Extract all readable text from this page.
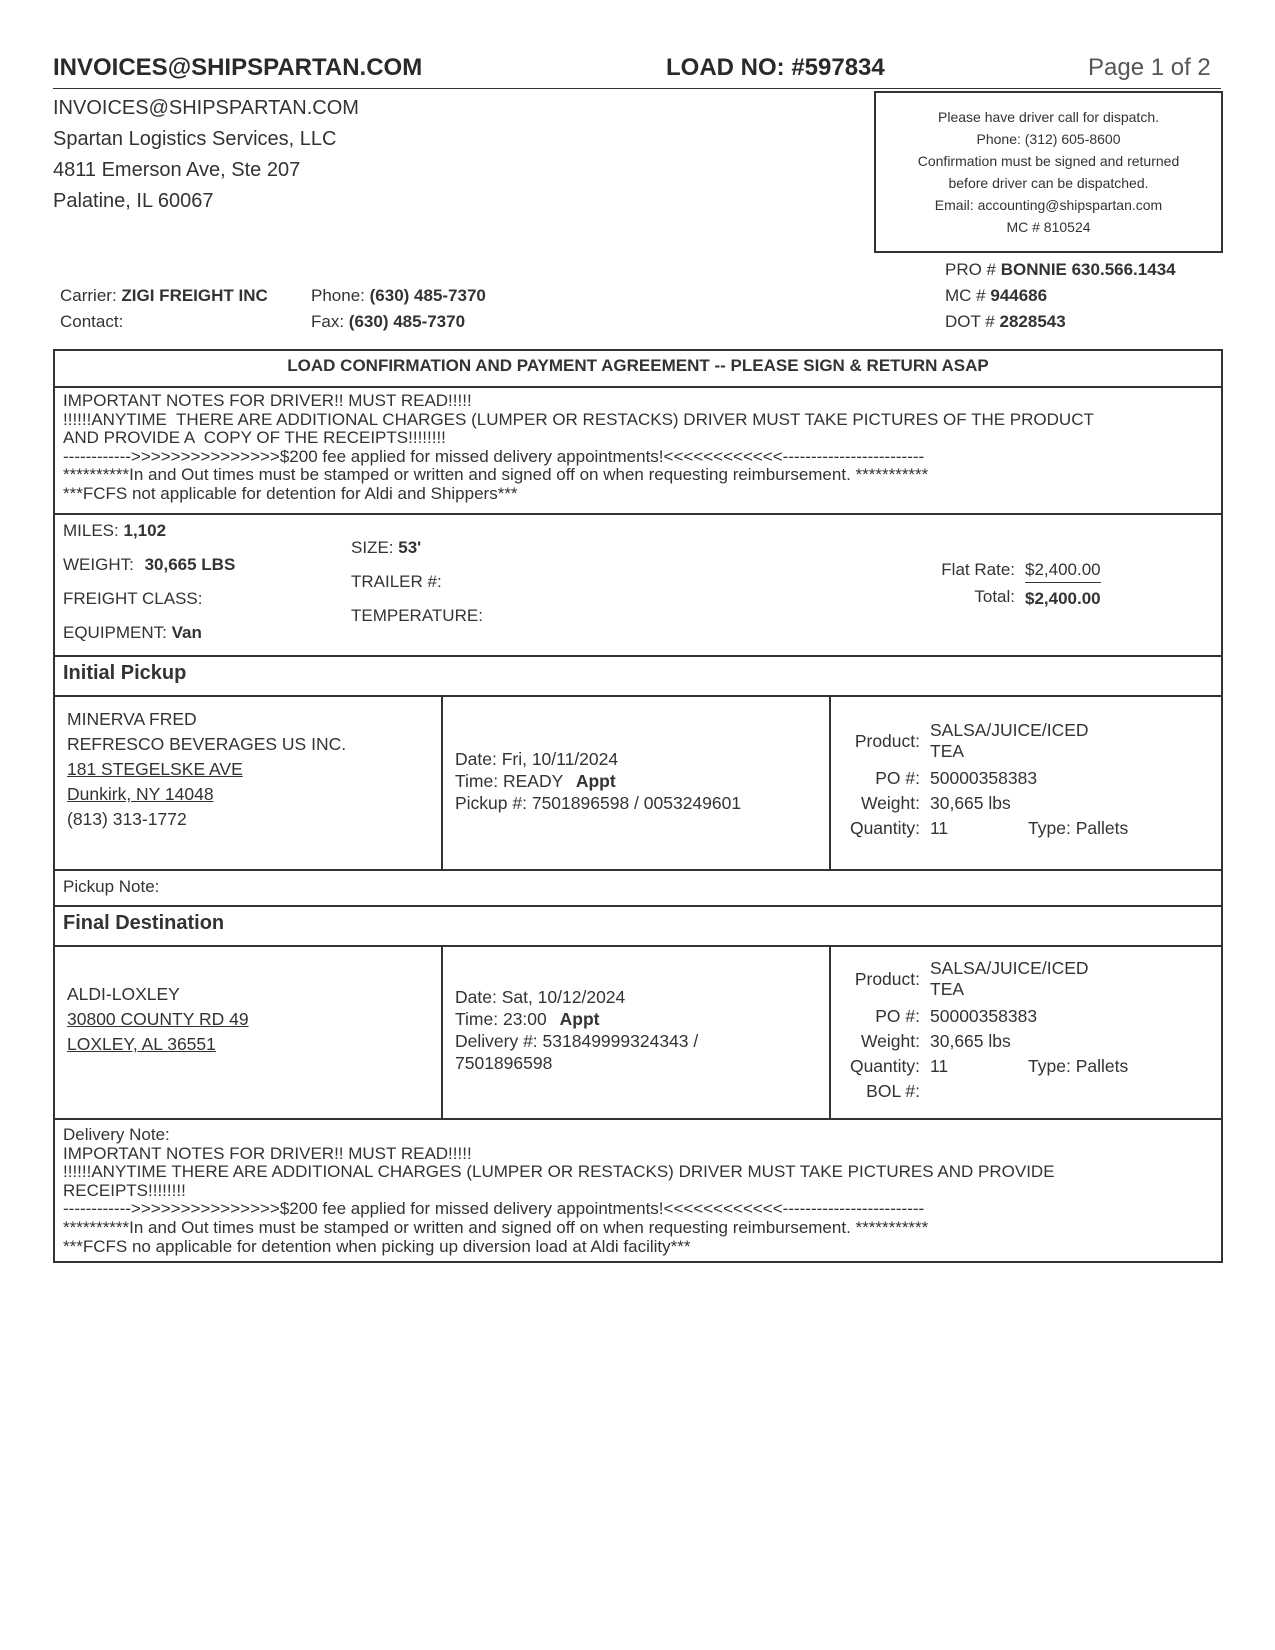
INVOICES@SHIPSPARTAN.COM	LOAD NO: #597834	Page 1 of 2
INVOICES@SHIPSPARTAN.COM
Spartan Logistics Services, LLC
4811 Emerson Ave, Ste 207
Palatine, IL 60067
Please have driver call for dispatch.
Phone: (312) 605-8600
Confirmation must be signed and returned
before driver can be dispatched.
Email: accounting@shipspartan.com
MC # 810524
Carrier: ZIGI FREIGHT INC
Contact:
Phone: (630) 485-7370
Fax: (630) 485-7370
PRO # BONNIE 630.566.1434
MC # 944686
DOT # 2828543
LOAD CONFIRMATION AND PAYMENT AGREEMENT -- PLEASE SIGN & RETURN ASAP
IMPORTANT NOTES FOR DRIVER!! MUST READ!!!!!
!!!!!!ANYTIME  THERE ARE ADDITIONAL CHARGES (LUMPER OR RESTACKS) DRIVER MUST TAKE PICTURES OF THE PRODUCT
AND PROVIDE A  COPY OF THE RECEIPTS!!!!!!!!
------------>>>>>>>>>>>>>>>$200 fee applied for missed delivery appointments!<<<<<<<<<<<<-------------------------
**********In and Out times must be stamped or written and signed off on when requesting reimbursement. ***********
***FCFS not applicable for detention for Aldi and Shippers***
MILES: 1,102
WEIGHT: 30,665 LBS
FREIGHT CLASS:
EQUIPMENT: Van
SIZE: 53'
TRAILER #:
TEMPERATURE:
Flat Rate: $2,400.00
Total: $2,400.00
Initial Pickup
MINERVA FRED
REFRESCO BEVERAGES US INC.
181 STEGELSKE AVE
Dunkirk, NY 14048
(813) 313-1772
Date: Fri, 10/11/2024
Time: READY Appt
Pickup #: 7501896598 / 0053249601
Product:
SALSA/JUICE/ICED
TEA
PO #: 50000358383
Weight: 30,665 lbs
Quantity: 11	Type: Pallets
Pickup Note:
Final Destination
ALDI-LOXLEY
30800 COUNTY RD 49
LOXLEY, AL 36551
Date: Sat, 10/12/2024
Time: 23:00 Appt
Delivery #: 531849999324343 /
7501896598
Product:
SALSA/JUICE/ICED
TEA
PO #: 50000358383
Weight: 30,665 lbs
Quantity: 11	Type: Pallets
BOL #:
Delivery Note:
IMPORTANT NOTES FOR DRIVER!! MUST READ!!!!!
!!!!!!ANYTIME THERE ARE ADDITIONAL CHARGES (LUMPER OR RESTACKS) DRIVER MUST TAKE PICTURES AND PROVIDE
RECEIPTS!!!!!!!!
------------>>>>>>>>>>>>>>>$200 fee applied for missed delivery appointments!<<<<<<<<<<<<-------------------------
**********In and Out times must be stamped or written and signed off on when requesting reimbursement. ***********
***FCFS no applicable for detention when picking up diversion load at Aldi facility***
